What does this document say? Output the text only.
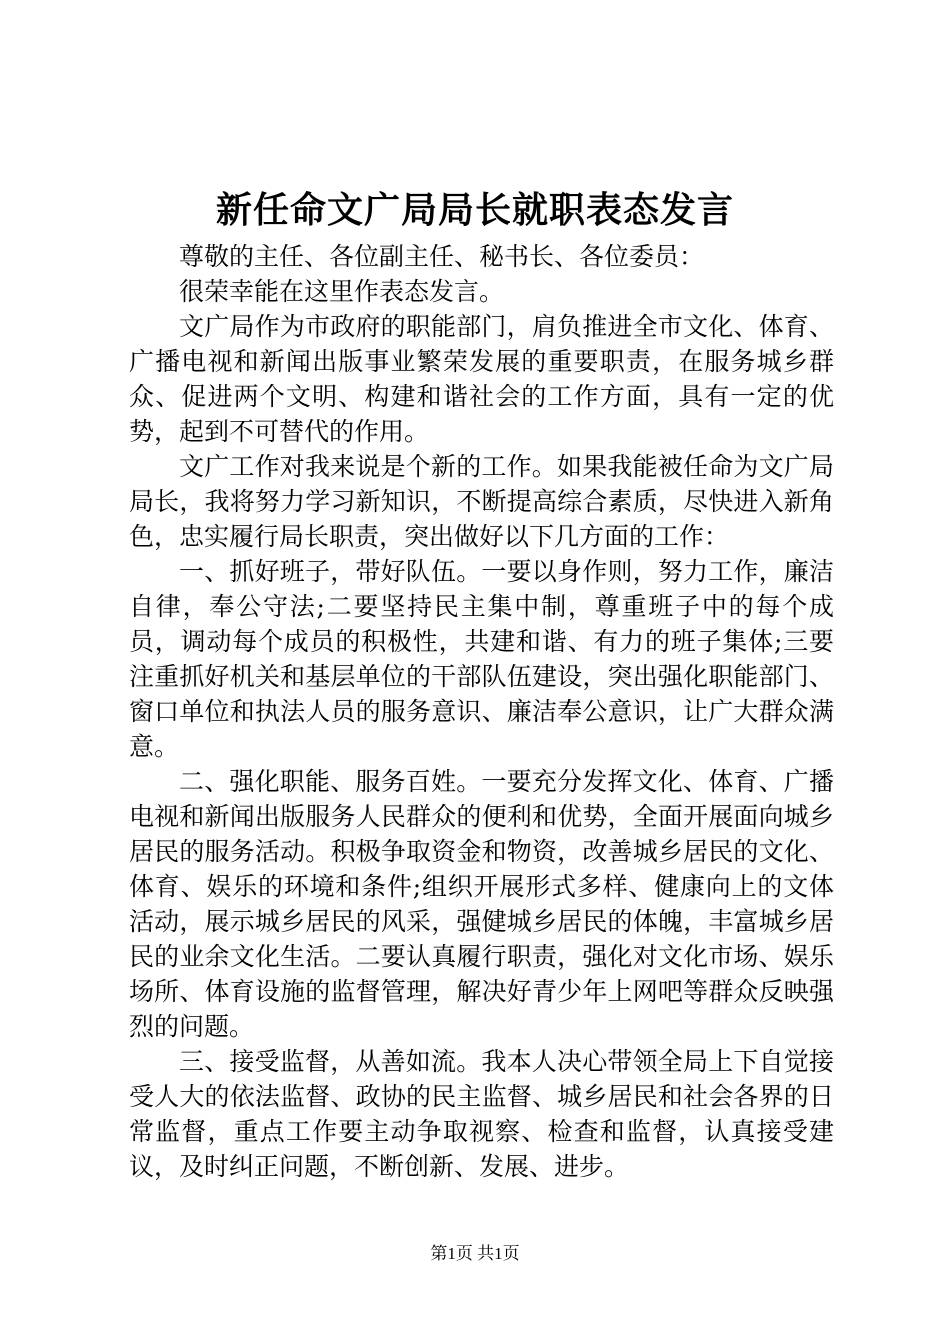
新任命文广局局长就职表态发言

尊敬的主任、各位副主任、秘书长、各位委员：

很荣幸能在这里作表态发言。

文广局作为市政府的职能部门，肩负推进全市文化、体育、广播电视和新闻出版事业繁荣发展的重要职责，在服务城乡群众、促进两个文明、构建和谐社会的工作方面，具有一定的优势，起到不可替代的作用。

文广工作对我来说是个新的工作。如果我能被任命为文广局局长，我将努力学习新知识，不断提高综合素质，尽快进入新角色，忠实履行局长职责，突出做好以下几方面的工作：

一、抓好班子，带好队伍。一要以身作则，努力工作，廉洁自律，奉公守法;二要坚持民主集中制，尊重班子中的每个成员，调动每个成员的积极性，共建和谐、有力的班子集体;三要注重抓好机关和基层单位的干部队伍建设，突出强化职能部门、窗口单位和执法人员的服务意识、廉洁奉公意识，让广大群众满意。

二、强化职能、服务百姓。一要充分发挥文化、体育、广播电视和新闻出版服务人民群众的便利和优势，全面开展面向城乡居民的服务活动。积极争取资金和物资，改善城乡居民的文化、体育、娱乐的环境和条件;组织开展形式多样、健康向上的文体活动，展示城乡居民的风采，强健城乡居民的体魄，丰富城乡居民的业余文化生活。二要认真履行职责，强化对文化市场、娱乐场所、体育设施的监督管理，解决好青少年上网吧等群众反映强烈的问题。

三、接受监督，从善如流。我本人决心带领全局上下自觉接受人大的依法监督、政协的民主监督、城乡居民和社会各界的日常监督，重点工作要主动争取视察、检查和监督，认真接受建议，及时纠正问题，不断创新、发展、进步。

第1页 共1页
